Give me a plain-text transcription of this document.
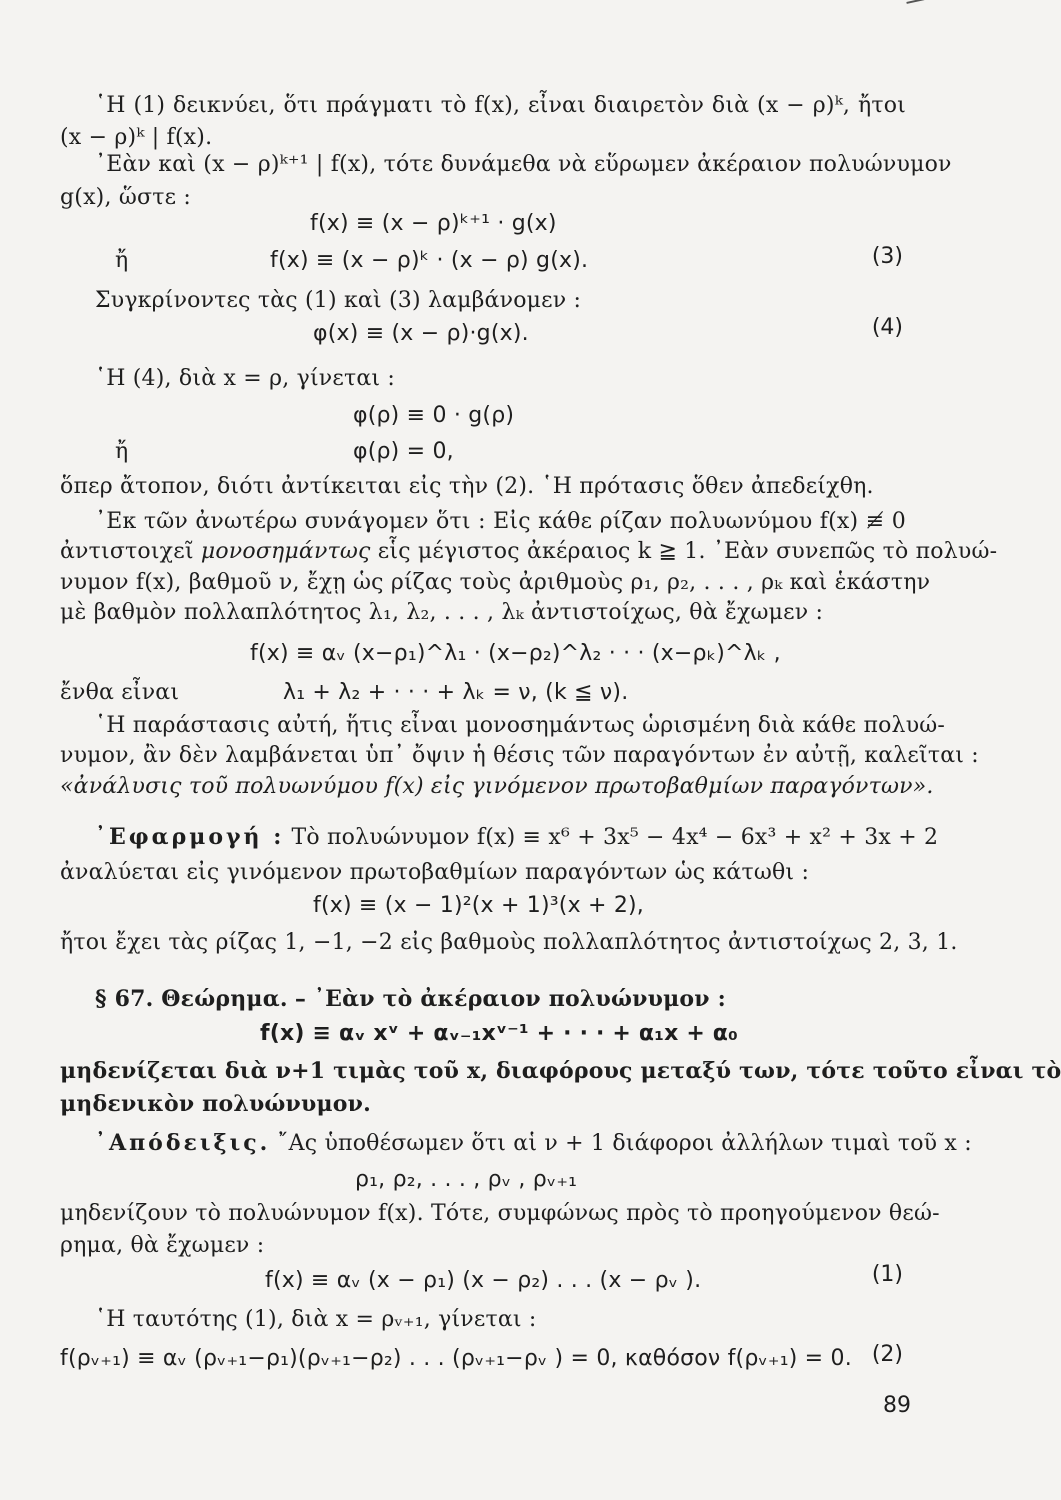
῾Η (1) δεικνύει, ὅτι πράγματι τὸ f(x), εἶναι διαιρετὸν διὰ (x − ρ)ᵏ, ἤτοι
(x − ρ)ᵏ | f(x).
᾿Εὰν καὶ (x − ρ)ᵏ⁺¹ | f(x), τότε δυνάμεθα νὰ εὕρωμεν ἀκέραιον πολυώνυμον
g(x), ὥστε :
f(x) ≡ (x − ρ)ᵏ⁺¹ · g(x)
ἤ	f(x) ≡ (x − ρ)ᵏ · (x − ρ) g(x).	(3)
Συγκρίνοντες τὰς (1) καὶ (3) λαμβάνομεν :
φ(x) ≡ (x − ρ)·g(x).	(4)
῾Η (4), διὰ x = ρ, γίνεται :
φ(ρ) ≡ 0 · g(ρ)
ἤ	φ(ρ) = 0,
ὅπερ ἄτοπον, διότι ἀντίκειται εἰς τὴν (2). ῾Η πρότασις ὅθεν ἀπεδείχθη.
᾿Εκ τῶν ἀνωτέρω συνάγομεν ὅτι : Εἰς κάθε ρίζαν πολυωνύμου f(x) ≢ 0
ἀντιστοιχεῖ μονοσημάντως εἷς μέγιστος ἀκέραιος k ≧ 1. ᾿Εὰν συνεπῶς τὸ πολυώ-
νυμον f(x), βαθμοῦ ν, ἔχῃ ὡς ρίζας τοὺς ἀριθμοὺς ρ₁, ρ₂, . . . , ρₖ καὶ ἑκάστην
μὲ βαθμὸν πολλαπλότητος λ₁, λ₂, . . . , λₖ ἀντιστοίχως, θὰ ἔχωμεν :
f(x) ≡ αᵥ (x−ρ₁)^λ₁ · (x−ρ₂)^λ₂ · · · (x−ρₖ)^λₖ ,
ἔνθα εἶναι	λ₁ + λ₂ + · · · + λₖ = ν, (k ≦ ν).
῾Η παράστασις αὐτή, ἥτις εἶναι μονοσημάντως ὡρισμένη διὰ κάθε πολυώ-
νυμον, ἂν δὲν λαμβάνεται ὑπ᾿ ὄψιν ἡ θέσις τῶν παραγόντων ἐν αὐτῇ, καλεῖται :
«ἀνάλυσις τοῦ πολυωνύμου f(x) εἰς γινόμενον πρωτοβαθμίων παραγόντων».
᾿Εφαρμογή : Τὸ πολυώνυμον f(x) ≡ x⁶ + 3x⁵ − 4x⁴ − 6x³ + x² + 3x + 2
ἀναλύεται εἰς γινόμενον πρωτοβαθμίων παραγόντων ὡς κάτωθι :
f(x) ≡ (x − 1)²(x + 1)³(x + 2),
ἤτοι ἔχει τὰς ρίζας 1, −1, −2 εἰς βαθμοὺς πολλαπλότητος ἀντιστοίχως 2, 3, 1.
§ 67. Θεώρημα. – ᾿Εὰν τὸ ἀκέραιον πολυώνυμον :
f(x) ≡ αᵥ xᵛ + αᵥ₋₁xᵛ⁻¹ + · · · + α₁x + α₀
μηδενίζεται διὰ ν+1 τιμὰς τοῦ x, διαφόρους μεταξύ των, τότε τοῦτο εἶναι τὸ
μηδενικὸν πολυώνυμον.
᾿Απόδειξις. ῎Ας ὑποθέσωμεν ὅτι αἱ ν + 1 διάφοροι ἀλλήλων τιμαὶ τοῦ x :
ρ₁, ρ₂, . . . , ρᵥ , ρᵥ₊₁
μηδενίζουν τὸ πολυώνυμον f(x). Τότε, συμφώνως πρὸς τὸ προηγούμενον θεώ-
ρημα, θὰ ἔχωμεν :
f(x) ≡ αᵥ (x − ρ₁) (x − ρ₂) . . . (x − ρᵥ ).	(1)
῾Η ταυτότης (1), διὰ x = ρᵥ₊₁, γίνεται :
f(ρᵥ₊₁) ≡ αᵥ (ρᵥ₊₁−ρ₁)(ρᵥ₊₁−ρ₂) . . . (ρᵥ₊₁−ρᵥ ) = 0, καθόσον f(ρᵥ₊₁) = 0. (2)
89
